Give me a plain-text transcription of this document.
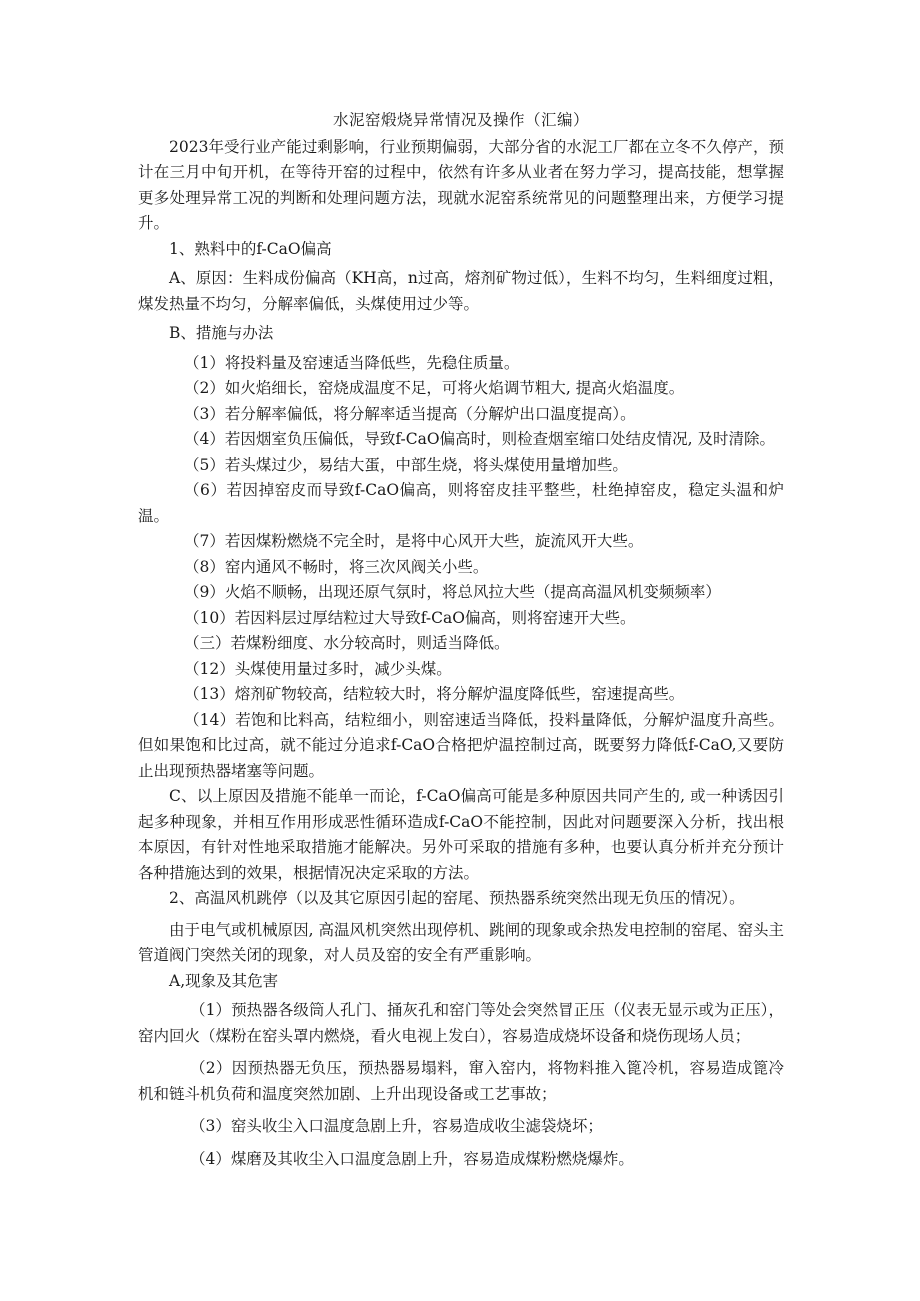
水泥窑煅烧异常情况及操作（汇编）

2023年受行业产能过剩影响，行业预期偏弱，大部分省的水泥工厂都在立冬不久停产，预计在三月中旬开机，在等待开窑的过程中，依然有许多从业者在努力学习，提高技能，想掌握更多处理异常工况的判断和处理问题方法，现就水泥窑系统常见的问题整理出来，方便学习提升。

1、熟料中的f-CaO偏高

A、原因：生料成份偏高（KH高，n过高，熔剂矿物过低），生料不均匀，生料细度过粗，煤发热量不均匀，分解率偏低，头煤使用过少等。

B、措施与办法

（1）将投料量及窑速适当降低些，先稳住质量。

（2）如火焰细长，窑烧成温度不足，可将火焰调节粗大, 提高火焰温度。

（3）若分解率偏低，将分解率适当提高（分解炉出口温度提高）。

（4）若因烟室负压偏低，导致f-CaO偏高时，则检查烟室缩口处结皮情况, 及时清除。

（5）若头煤过少，易结大蛋，中部生烧，将头煤使用量增加些。

（6）若因掉窑皮而导致f-CaO偏高，则将窑皮挂平整些，杜绝掉窑皮，稳定头温和炉温。

（7）若因煤粉燃烧不完全时，是将中心风开大些，旋流风开大些。

（8）窑内通风不畅时，将三次风阀关小些。

（9）火焰不顺畅，出现还原气氛时，将总风拉大些（提高高温风机变频频率）

（10）若因料层过厚结粒过大导致f-CaO偏高，则将窑速开大些。

（三）若煤粉细度、水分较高时，则适当降低。

（12）头煤使用量过多时，减少头煤。

（13）熔剂矿物较高，结粒较大时，将分解炉温度降低些，窑速提高些。

（14）若饱和比料高，结粒细小，则窑速适当降低，投料量降低，分解炉温度升高些。但如果饱和比过高，就不能过分追求f-CaO合格把炉温控制过高，既要努力降低f-CaO,又要防止出现预热器堵塞等问题。

C、以上原因及措施不能单一而论，f-CaO偏高可能是多种原因共同产生的, 或一种诱因引起多种现象，并相互作用形成恶性循环造成f-CaO不能控制，因此对问题要深入分析，找出根本原因，有针对性地采取措施才能解决。另外可采取的措施有多种，也要认真分析并充分预计各种措施达到的效果，根据情况决定采取的方法。

2、高温风机跳停（以及其它原因引起的窑尾、预热器系统突然出现无负压的情况）。

由于电气或机械原因, 高温风机突然出现停机、跳闸的现象或余热发电控制的窑尾、窑头主管道阀门突然关闭的现象，对人员及窑的安全有严重影响。

A,现象及其危害

（1）预热器各级筒人孔门、捅灰孔和窑门等处会突然冒正压（仪表无显示或为正压），窑内回火（煤粉在窑头罩内燃烧，看火电视上发白），容易造成烧坏设备和烧伤现场人员；

（2）因预热器无负压，预热器易塌料，窜入窑内，将物料推入篦冷机，容易造成篦冷机和链斗机负荷和温度突然加剧、上升出现设备或工艺事故；

（3）窑头收尘入口温度急剧上升，容易造成收尘滤袋烧坏；

（4）煤磨及其收尘入口温度急剧上升，容易造成煤粉燃烧爆炸。
